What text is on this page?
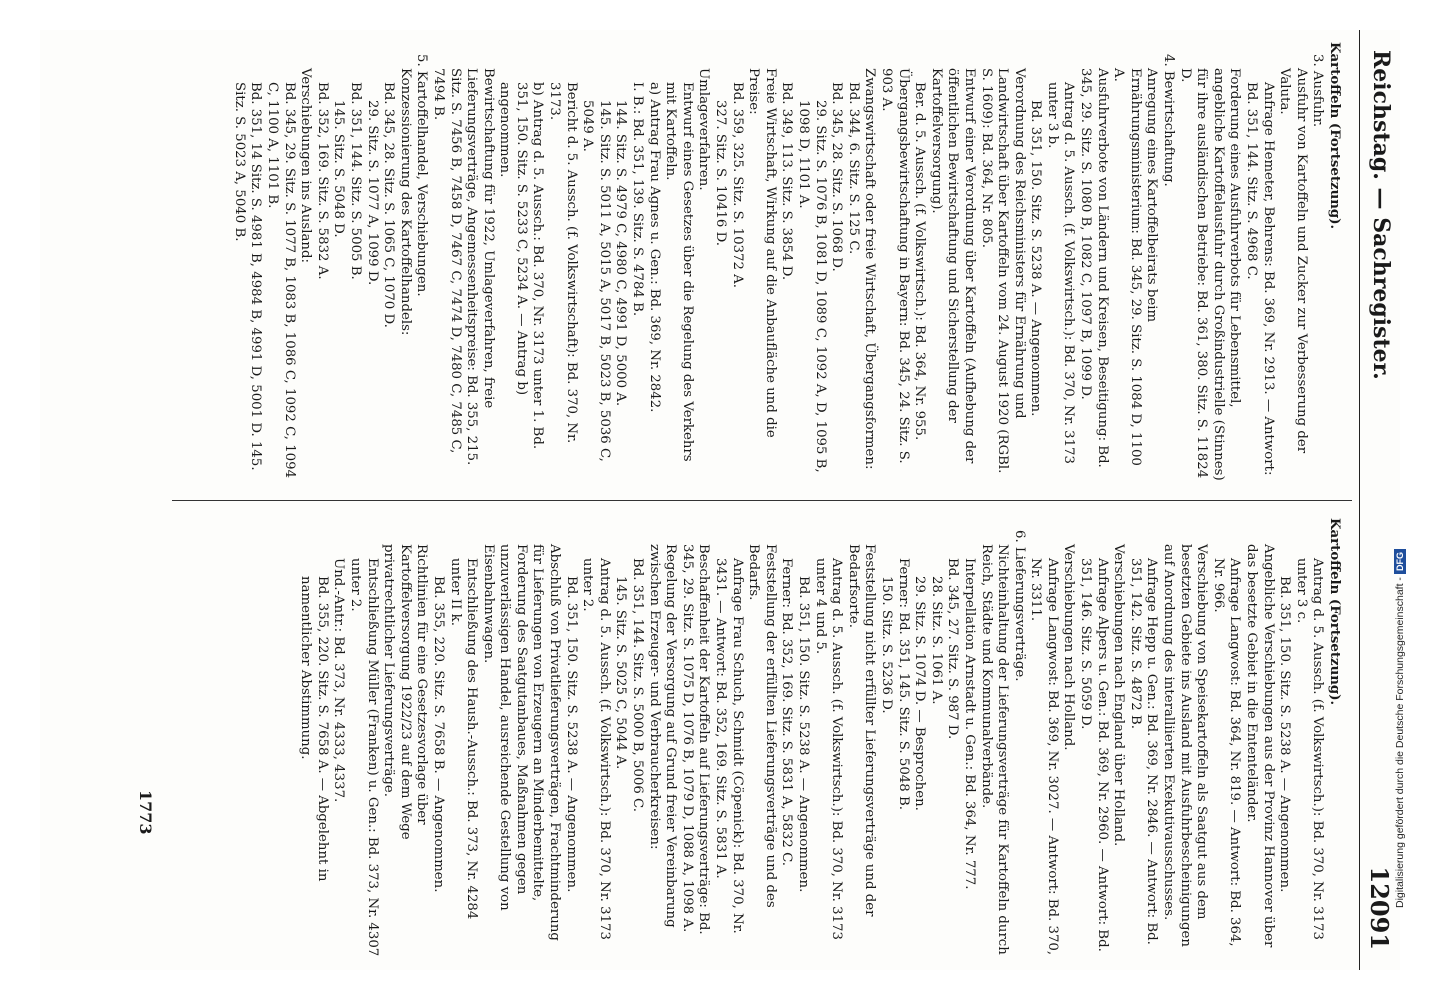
Reichstag. — Sachregister.
12091

Kartoffeln (Fortsetzung).

3. Ausfuhr.

Ausfuhr von Kartoffeln und Zucker zur Verbesserung der Valuta.

Anfrage Hemeter, Behrens: Bd. 369, Nr. 2913. — Antwort: Bd. 351, 144. Sitz. S. 4968 C.

Forderung eines Ausfuhrverbots für Lebensmittel, angebliche Kartoffelausfuhr durch Großindustrielle (Stinnes) für ihre ausländischen Betriebe: Bd. 361, 380. Sitz. S. 11824 D.

4. Bewirtschaftung.

Anregung eines Kartoffelbeirats beim Ernährungsministerium: Bd. 345, 29. Sitz. S. 1084 D, 1100 A.

Ausfuhrverbote von Ländern und Kreisen, Beseitigung: Bd. 345, 29. Sitz. S. 1080 B, 1082 C, 1097 B, 1099 D.

Antrag d. 5. Aussch. (f. Volkswirtsch.): Bd. 370, Nr. 3173 unter 3 b.

Bd. 351, 150. Sitz. S. 5238 A. — Angenommen.

Verordnung des Reichsministers für Ernährung und Landwirtschaft über Kartoffeln vom 24. August 1920 (RGBl. S. 1609): Bd. 364, Nr. 805.

Entwurf einer Verordnung über Kartoffeln (Aufhebung der öffentlichen Bewirtschaftung und Sicherstellung der Kartoffelversorgung).

Ber. d. 5. Aussch. (f. Volkswirtsch.): Bd. 364, Nr. 955.

Übergangsbewirtschaftung in Bayern: Bd. 345, 24. Sitz. S. 903 A.

Zwangswirtschaft oder freie Wirtschaft, Übergangsformen:

Bd. 344, 6. Sitz. S. 125 C.

Bd. 345, 28. Sitz. S. 1068 D.

29. Sitz. S. 1076 B, 1081 D, 1089 C, 1092 A, D, 1095 B, 1098 D, 1101 A.

Bd. 349, 113. Sitz. S. 3854 D.

Freie Wirtschaft, Wirkung auf die Anbaufläche und die Preise:

Bd. 359, 325. Sitz. S. 10372 A.

327. Sitz. S. 10416 D.

Umlageverfahren.

Entwurf eines Gesetzes über die Regelung des Verkehrs mit Kartoffeln.

a) Antrag Frau Agnes u. Gen.: Bd. 369, Nr. 2842.

I. B.: Bd. 351, 139. Sitz. S. 4784 B.

144. Sitz. S. 4979 C, 4980 C, 4991 D, 5000 A.

145. Sitz. S. 5011 A, 5015 A, 5017 B, 5023 B, 5036 C, 5049 A.

Bericht d. 5. Aussch. (f. Volkswirtschaft): Bd. 370, Nr. 3173.

b) Antrag d. 5. Aussch.: Bd. 370, Nr. 3173 unter 1. Bd. 351, 150. Sitz. S. 5233 C, 5234 A. — Antrag b) angenommen.

Bewirtschaftung für 1922, Umlageverfahren, freie Lieferungsverträge, Angemessenheitspreise: Bd. 355, 215. Sitz. S. 7456 B, 7458 D, 7467 C, 7474 D, 7480 C, 7485 C, 7494 B.

5. Kartoffelhandel, Verschiebungen.

Konzessionierung des Kartoffelhandels:

Bd. 345, 28. Sitz. S. 1065 C, 1070 D.

29. Sitz. S. 1077 A, 1099 D.

Bd. 351, 144. Sitz. S. 5005 B.

145. Sitz. S. 5048 D.

Bd. 352, 169. Sitz. S. 5832 A.

Verschiebungen ins Ausland:

Bd. 345, 29. Sitz. S. 1077 B, 1083 B, 1086 C, 1092 C, 1094 C, 1100 A, 1101 B.

Bd. 351, 14 Sitz. S. 4981 B, 4984 B, 4991 D, 5001 D. 145. Sitz. S. 5023 A, 5040 B.

Kartoffeln (Fortsetzung).

Antrag d. 5. Aussch. (f. Volkswirtsch.): Bd. 370, Nr. 3173 unter 3 c.

Bd. 351, 150. Sitz. S. 5238 A. — Angenommen.

Angebliche Verschiebungen aus der Provinz Hannover über das besetzte Gebiet in die Ententeländer.

Anfrage Langwost: Bd. 364, Nr. 819. — Antwort: Bd. 364, Nr. 966.

Verschiebung von Speisekartoffeln als Saatgut aus dem besetzten Gebiete ins Ausland mit Ausfuhrbescheinigungen auf Anordnung des interalliierten Exekutivausschusses.

Anfrage Hepp u. Gen.: Bd. 369, Nr. 2846. — Antwort: Bd. 351, 142. Sitz. S. 4872 B.

Verschiebungen nach England über Holland.

Anfrage Alpers u. Gen.: Bd. 369, Nr. 2960. — Antwort: Bd. 351, 146. Sitz. S. 5059 D.

Verschiebungen nach Holland.

Anfrage Langwost: Bd. 369, Nr. 3027. — Antwort: Bd. 370, Nr. 3311.

6. Lieferungsverträge.

Nichteinhaltung der Lieferungsverträge für Kartoffeln durch Reich, Städte und Kommunalverbände.

Interpellation Arnstadt u. Gen.: Bd. 364, Nr. 777.

Bd. 345, 27. Sitz. S. 987 D.

28. Sitz. S. 1061 A.

29. Sitz. S. 1074 D. — Besprochen.

Ferner: Bd. 351, 145. Sitz. S. 5048 B.

150. Sitz. S. 5236 D.

Feststellung nicht erfüllter Lieferungsverträge und der Bedarfsorte.

Antrag d. 5. Aussch. (f. Volkswirtsch.): Bd. 370, Nr. 3173 unter 4 und 5.

Bd. 351, 150. Sitz. S. 5238 A. — Angenommen.

Ferner: Bd. 352, 169. Sitz. S. 5831 A, 5832 C.

Feststellung der erfüllten Lieferungsverträge und des Bedarfs.

Anfrage Frau Schuch, Schmidt (Cöpenick): Bd. 370, Nr. 3431. — Antwort: Bd. 352, 169. Sitz. S. 5831 A.

Beschaffenheit der Kartoffeln auf Lieferungsverträge: Bd. 345, 29. Sitz. S. 1075 D, 1076 B, 1079 D, 1088 A, 1098 A.

Regelung der Versorgung auf Grund freier Vereinbarung zwischen Erzeuger- und Verbraucherkreisen:

Bd. 351, 144. Sitz. S. 5000 B, 5006 C.

145. Sitz. S. 5025 C, 5044 A.

Antrag d. 5. Aussch. (f. Volkswirtsch.): Bd. 370, Nr. 3173 unter 2.

Bd. 351, 150. Sitz. S. 5238 A. — Angenommen.

Abschluß von Privatlieferungsverträgen, Frachtminderung für Lieferungen von Erzeugern an Minderbemittelte, Forderung des Saatgutanbaues, Maßnahmen gegen unzuverlässigen Handel, ausreichende Gestellung von Eisenbahnwagen.

Entschließung des Haush.-Aussch.: Bd. 373, Nr. 4284 unter II k.

Bd. 355, 220. Sitz. S. 7658 B. — Angenommen.

Richtlinien für eine Gesetzesvorlage über Kartoffelversorgung 1922/23 auf dem Wege privatrechtlicher Lieferungsverträge.

Entschließung Müller (Franken) u. Gen.: Bd. 373, Nr. 4307 unter 2.

Und.-Antr.: Bd. 373, Nr. 4333, 4337.

Bd. 355, 220. Sitz. S. 7658 A. — Abgelehnt in namentlicher Abstimmung.

1773	Digitalisierung gefördert durch die Deutsche Forschungsgemeinschaft - DFG
